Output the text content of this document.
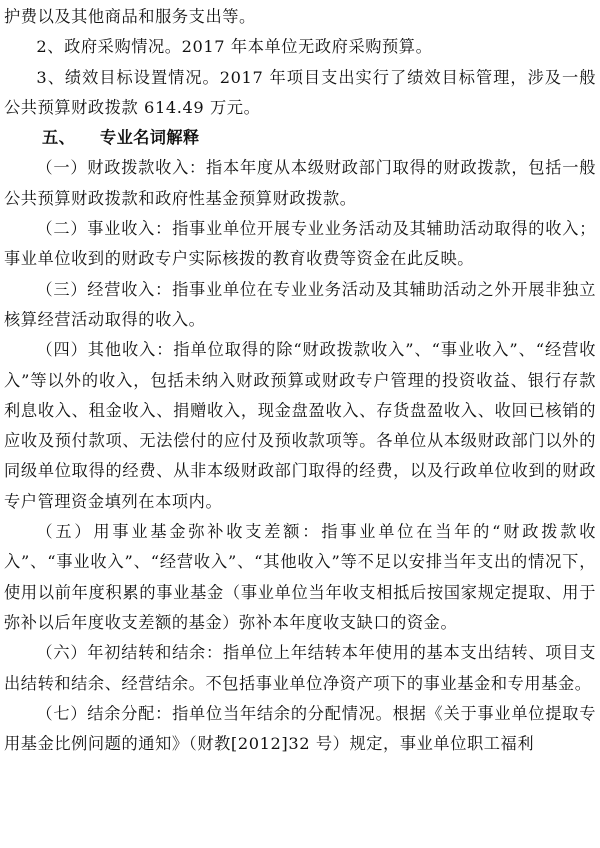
护费以及其他商品和服务支出等。

2、政府采购情况。2017 年本单位无政府采购预算。

3、绩效目标设置情况。2017 年项目支出实行了绩效目标管理，涉及一般公共预算财政拨款 614.49 万元。

五、 专业名词解释

（一）财政拨款收入：指本年度从本级财政部门取得的财政拨款，包括一般公共预算财政拨款和政府性基金预算财政拨款。

（二）事业收入：指事业单位开展专业业务活动及其辅助活动取得的收入；事业单位收到的财政专户实际核拨的教育收费等资金在此反映。

（三）经营收入：指事业单位在专业业务活动及其辅助活动之外开展非独立核算经营活动取得的收入。

（四）其他收入：指单位取得的除“财政拨款收入”、“事业收入”、“经营收入”等以外的收入，包括未纳入财政预算或财政专户管理的投资收益、银行存款利息收入、租金收入、捐赠收入，现金盘盈收入、存货盘盈收入、收回已核销的应收及预付款项、无法偿付的应付及预收款项等。各单位从本级财政部门以外的同级单位取得的经费、从非本级财政部门取得的经费，以及行政单位收到的财政专户管理资金填列在本项内。

（五）用事业基金弥补收支差额：指事业单位在当年的“财政拨款收入”、“事业收入”、“经营收入”、“其他收入”等不足以安排当年支出的情况下，使用以前年度积累的事业基金（事业单位当年收支相抵后按国家规定提取、用于弥补以后年度收支差额的基金）弥补本年度收支缺口的资金。

（六）年初结转和结余：指单位上年结转本年使用的基本支出结转、项目支出结转和结余、经营结余。不包括事业单位净资产项下的事业基金和专用基金。

（七）结余分配：指单位当年结余的分配情况。根据《关于事业单位提取专用基金比例问题的通知》（财教[2012]32 号）规定，事业单位职工福利
